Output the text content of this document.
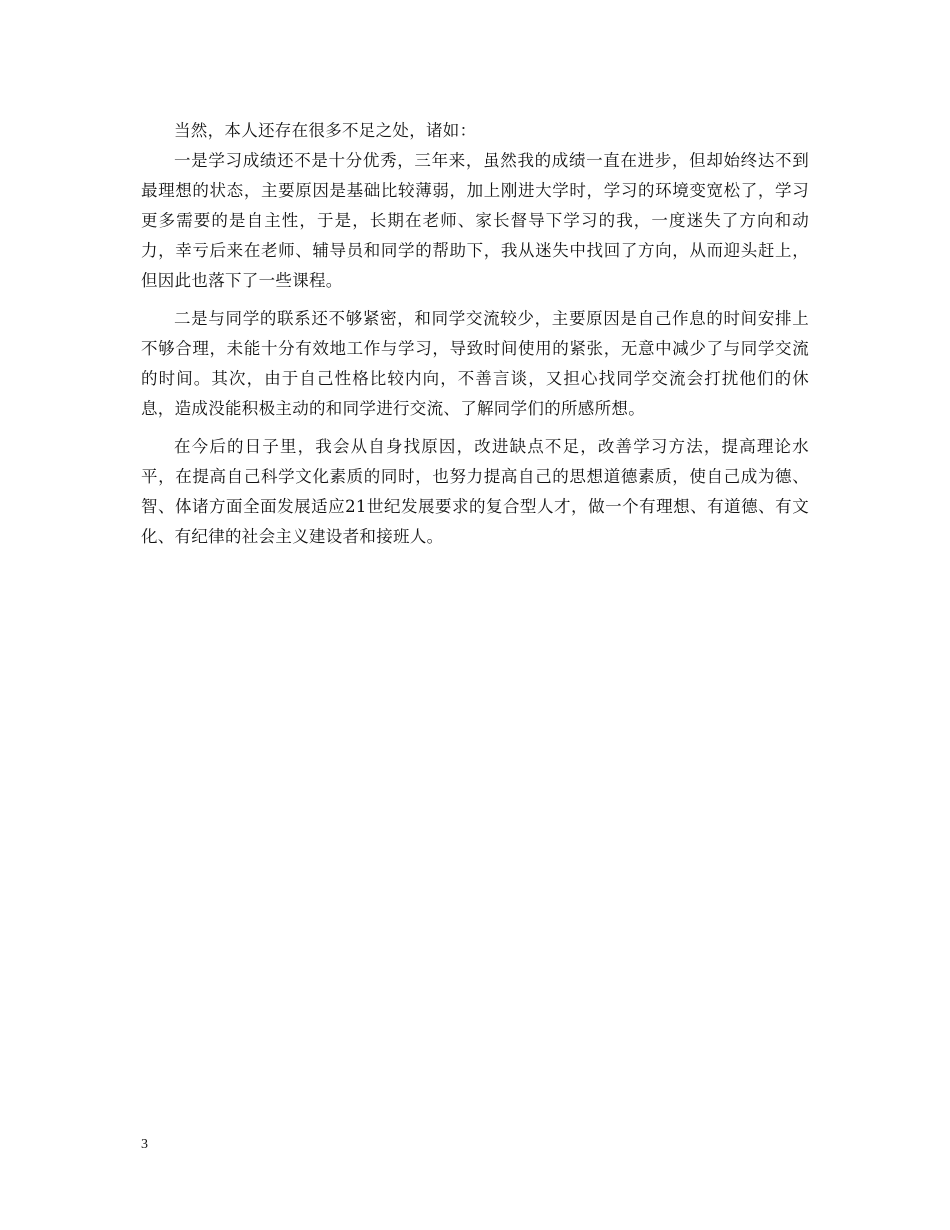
当然，本人还存在很多不足之处，诸如：

一是学习成绩还不是十分优秀，三年来，虽然我的成绩一直在进步，但却始终达不到最理想的状态，主要原因是基础比较薄弱，加上刚进大学时，学习的环境变宽松了，学习更多需要的是自主性，于是，长期在老师、家长督导下学习的我，一度迷失了方向和动力，幸亏后来在老师、辅导员和同学的帮助下，我从迷失中找回了方向，从而迎头赶上，但因此也落下了一些课程。

二是与同学的联系还不够紧密，和同学交流较少，主要原因是自己作息的时间安排上不够合理，未能十分有效地工作与学习，导致时间使用的紧张，无意中减少了与同学交流的时间。其次，由于自己性格比较内向，不善言谈，又担心找同学交流会打扰他们的休息，造成没能积极主动的和同学进行交流、了解同学们的所感所想。

在今后的日子里，我会从自身找原因，改进缺点不足，改善学习方法，提高理论水平，在提高自己科学文化素质的同时，也努力提高自己的思想道德素质，使自己成为德、智、体诸方面全面发展适应21世纪发展要求的复合型人才，做一个有理想、有道德、有文化、有纪律的社会主义建设者和接班人。

3
